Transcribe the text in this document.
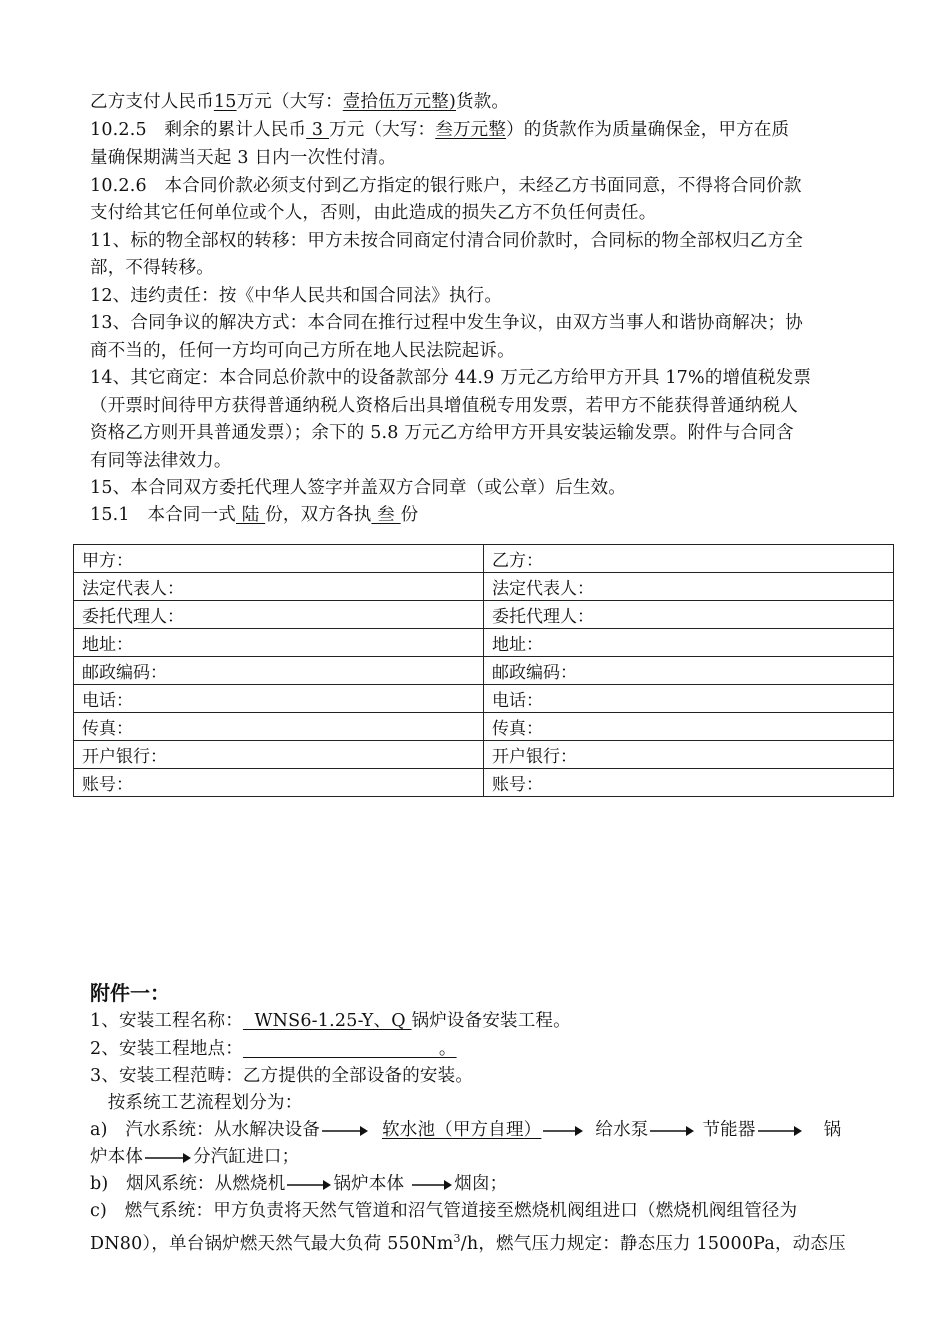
乙方支付人民币15万元（大写：壹拾伍万元整)货款。
10.2.5　剩余的累计人民币 3 万元（大写：叁万元整）的货款作为质量确保金，甲方在质
量确保期满当天起 3 日内一次性付清。
10.2.6　本合同价款必须支付到乙方指定的银行账户，未经乙方书面同意，不得将合同价款
支付给其它任何单位或个人，否则，由此造成的损失乙方不负任何责任。
11、标的物全部权的转移：甲方未按合同商定付清合同价款时，合同标的物全部权归乙方全
部，不得转移。
12、违约责任：按《中华人民共和国合同法》执行。
13、合同争议的解决方式：本合同在推行过程中发生争议，由双方当事人和谐协商解决；协
商不当的，任何一方均可向己方所在地人民法院起诉。
14、其它商定：本合同总价款中的设备款部分 44.9 万元乙方给甲方开具 17%的增值税发票
（开票时间待甲方获得普通纳税人资格后出具增值税专用发票，若甲方不能获得普通纳税人
资格乙方则开具普通发票）；余下的 5.8 万元乙方给甲方开具安装运输发票。附件与合同含
有同等法律效力。
15、本合同双方委托代理人签字并盖双方合同章（或公章）后生效。
15.1　本合同一式 陆 份，双方各执 叁 份
甲方：	乙方：
法定代表人：	法定代表人：
委托代理人：	委托代理人：
地址：	地址：
邮政编码：	邮政编码：
电话：	电话：
传真：	传真：
开户银行：	开户银行：
账号：	账号：
附件一：
1、安装工程名称：  WNS6-1.25-Y、Q 锅炉设备安装工程。
2、安装工程地点：                                  。
3、安装工程范畴：乙方提供的全部设备的安装。
　按系统工艺流程划分为：
a)　汽水系统：从水解决设备	软水池（甲方自理）	给水泵	节能器	锅
炉本体	分汽缸进口；
b)　烟风系统：从燃烧机	锅炉本体	烟囱；
c)　燃气系统：甲方负责将天然气管道和沼气管道接至燃烧机阀组进口（燃烧机阀组管径为
DN80），单台锅炉燃天然气最大负荷 550Nm$^3$/h，燃气压力规定：静态压力 15000Pa，动态压
